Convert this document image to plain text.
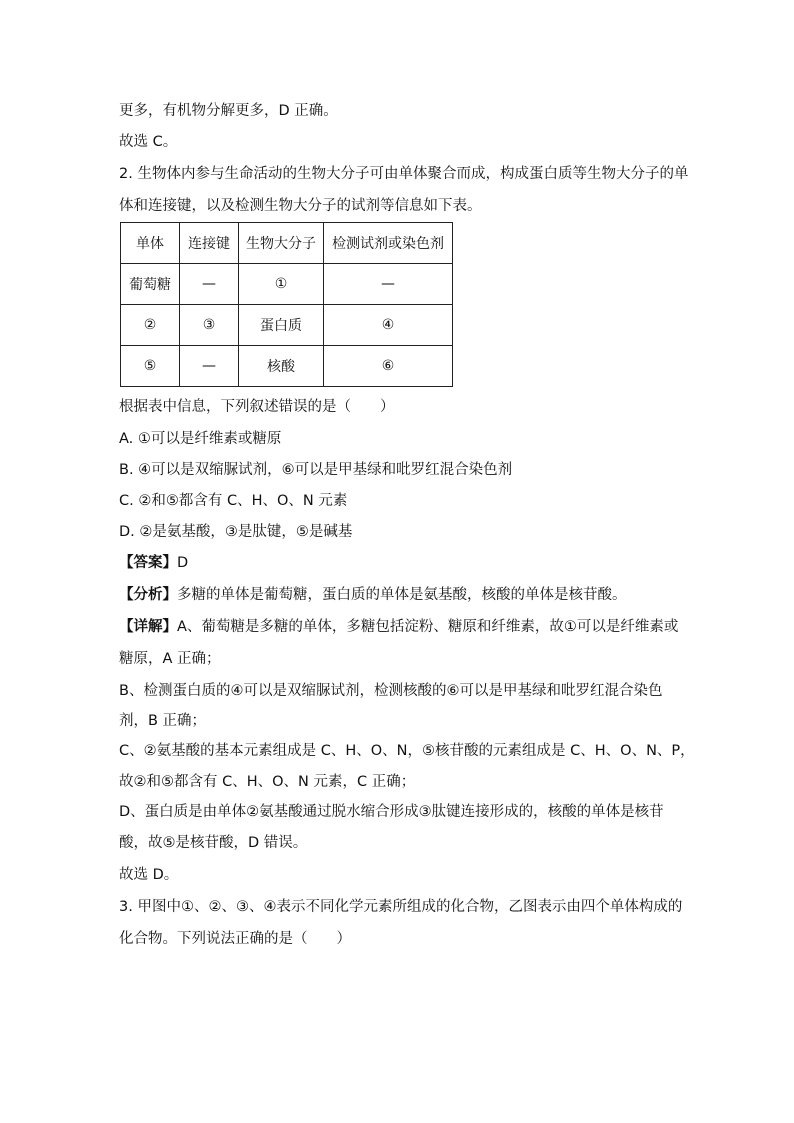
更多，有机物分解更多，D 正确。
故选 C。
2. 生物体内参与生命活动的生物大分子可由单体聚合而成，构成蛋白质等生物大分子的单
体和连接键，以及检测生物大分子的试剂等信息如下表。
单体	连接键	生物大分子	检测试剂或染色剂
葡萄糖	—	①	—
②	③	蛋白质	④
⑤	—	核酸	⑥
根据表中信息，下列叙述错误的是（　　）
A. ①可以是纤维素或糖原
B. ④可以是双缩脲试剂，⑥可以是甲基绿和吡罗红混合染色剂
C. ②和⑤都含有 C、H、O、N 元素
D. ②是氨基酸，③是肽键，⑤是碱基
【答案】D
【分析】多糖的单体是葡萄糖，蛋白质的单体是氨基酸，核酸的单体是核苷酸。
【详解】A、葡萄糖是多糖的单体，多糖包括淀粉、糖原和纤维素，故①可以是纤维素或
糖原，A 正确；
B、检测蛋白质的④可以是双缩脲试剂，检测核酸的⑥可以是甲基绿和吡罗红混合染色
剂，B 正确；
C、②氨基酸的基本元素组成是 C、H、O、N，⑤核苷酸的元素组成是 C、H、O、N、P，
故②和⑤都含有 C、H、O、N 元素，C 正确；
D、蛋白质是由单体②氨基酸通过脱水缩合形成③肽键连接形成的，核酸的单体是核苷
酸，故⑤是核苷酸，D 错误。
故选 D。
3. 甲图中①、②、③、④表示不同化学元素所组成的化合物，乙图表示由四个单体构成的
化合物。下列说法正确的是（　　）
